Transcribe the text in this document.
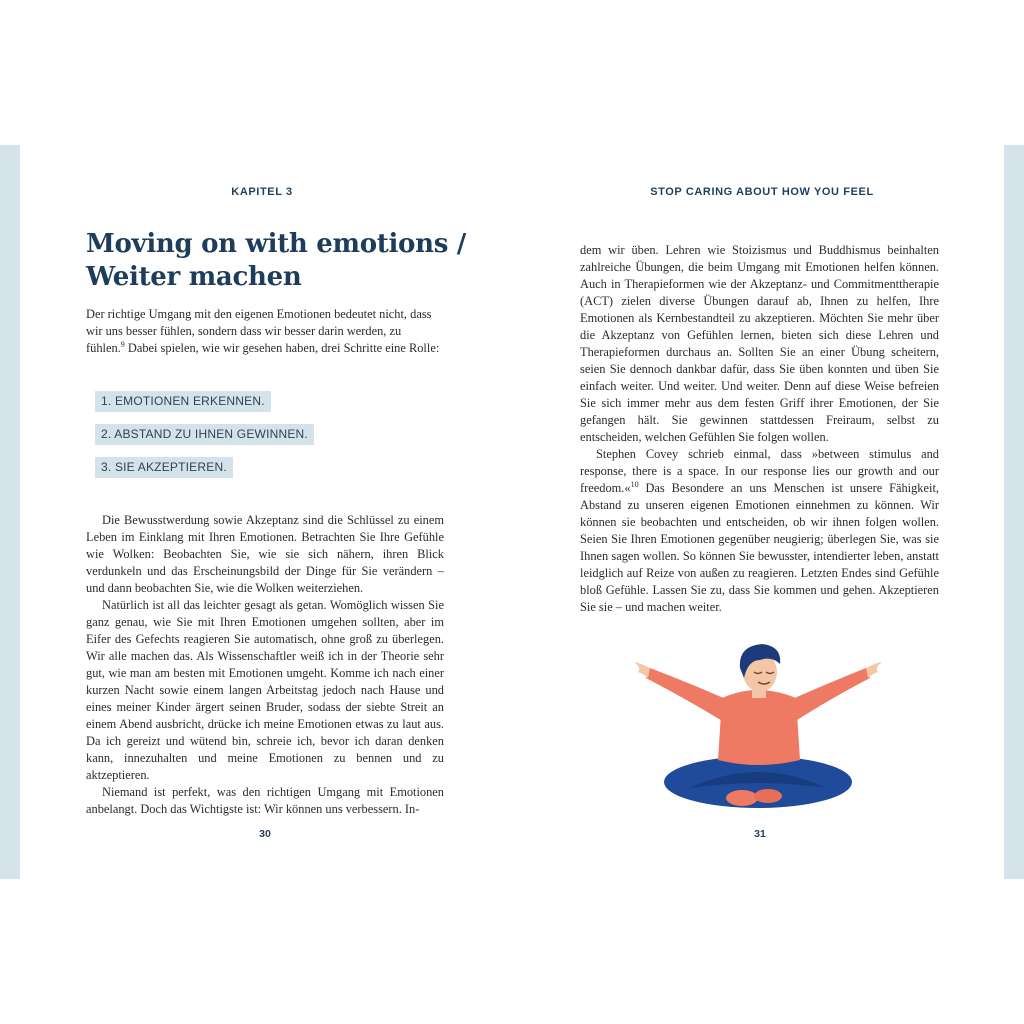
KAPITEL 3
Moving on with emotions /
Weiter machen

Der richtige Umgang mit den eigenen Emotionen bedeutet nicht, dass wir uns besser fühlen, sondern dass wir besser darin werden, zu fühlen.$^9$ Dabei spielen, wie wir gesehen haben, drei Schritte eine Rolle:

1. EMOTIONEN ERKENNEN.
2. ABSTAND ZU IHNEN GEWINNEN.
3. SIE AKZEPTIEREN.

Die Bewusstwerdung sowie Akzeptanz sind die Schlüssel zu einem Leben im Einklang mit Ihren Emotionen. Betrachten Sie Ihre Gefühle wie Wolken: Beobachten Sie, wie sie sich nähern, ihren Blick verdunkeln und das Erscheinungsbild der Dinge für Sie verändern – und dann beobachten Sie, wie die Wolken weiterziehen.

Natürlich ist all das leichter gesagt als getan. Womöglich wissen Sie ganz genau, wie Sie mit Ihren Emotionen umgehen sollten, aber im Eifer des Gefechts reagieren Sie automatisch, ohne groß zu überlegen. Wir alle machen das. Als Wissenschaftler weiß ich in der Theorie sehr gut, wie man am besten mit Emotionen umgeht. Komme ich nach einer kurzen Nacht sowie einem langen Arbeitstag jedoch nach Hause und eines meiner Kinder ärgert seinen Bruder, sodass der siebte Streit an einem Abend ausbricht, drücke ich meine Emotionen etwas zu laut aus. Da ich gereizt und wütend bin, schreie ich, bevor ich daran denken kann, innezuhalten und meine Emotionen zu bennen und zu aktzeptieren.

Niemand ist perfekt, was den richtigen Umgang mit Emotionen anbelangt. Doch das Wichtigste ist: Wir können uns verbessern. In-

30
STOP CARING ABOUT HOW YOU FEEL

dem wir üben. Lehren wie Stoizismus und Buddhismus beinhalten zahlreiche Übungen, die beim Umgang mit Emotionen helfen können. Auch in Therapieformen wie der Akzeptanz- und Commitmenttherapie (ACT) zielen diverse Übungen darauf ab, Ihnen zu helfen, Ihre Emotionen als Kernbestandteil zu akzeptieren. Möchten Sie mehr über die Akzeptanz von Gefühlen lernen, bieten sich diese Lehren und Therapieformen durchaus an. Sollten Sie an einer Übung scheitern, seien Sie dennoch dankbar dafür, dass Sie üben konnten und üben Sie einfach weiter. Und weiter. Und weiter. Denn auf diese Weise befreien Sie sich immer mehr aus dem festen Griff ihrer Emotionen, der Sie gefangen hält. Sie gewinnen stattdessen Freiraum, selbst zu entscheiden, welchen Gefühlen Sie folgen wollen.

Stephen Covey schrieb einmal, dass »between stimulus and response, there is a space. In our response lies our growth and our freedom.«$^{10}$ Das Besondere an uns Menschen ist unsere Fähigkeit, Abstand zu unseren eigenen Emotionen einnehmen zu können. Wir können sie beobachten und entscheiden, ob wir ihnen folgen wollen. Seien Sie Ihren Emotionen gegenüber neugierig; überlegen Sie, was sie Ihnen sagen wollen. So können Sie bewusster, intendierter leben, anstatt leidglich auf Reize von außen zu reagieren. Letzten Endes sind Gefühle bloß Gefühle. Lassen Sie zu, dass Sie kommen und gehen. Akzeptieren Sie sie – und machen weiter.

31
